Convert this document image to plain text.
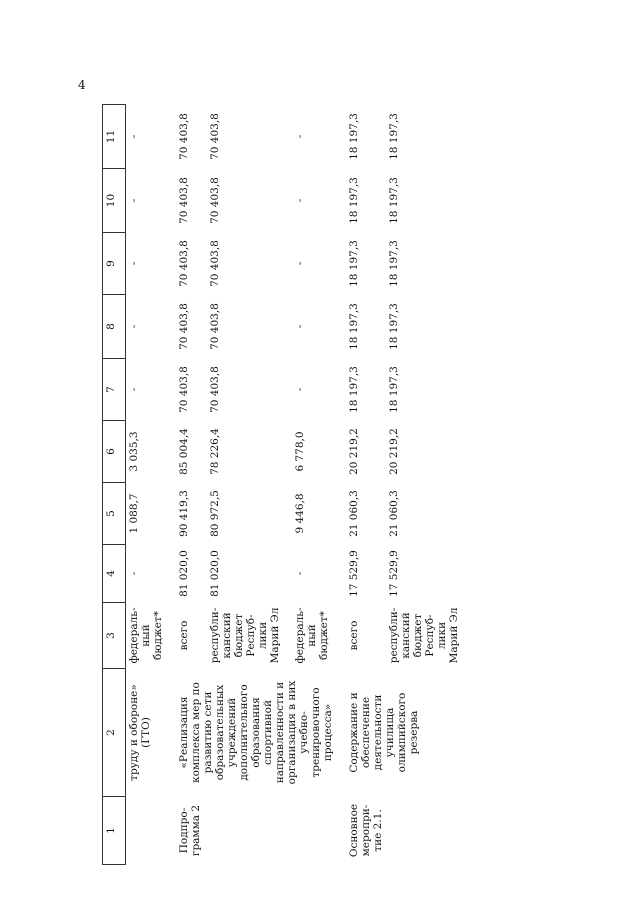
4
1	2	3	4	5	6	7	8	9	10	11
	труду и обороне» (ГТО)	федераль-ный бюджет*	-	1 088,7	3 035,3	-	-	-	-	-

Подпро-грамма 2	«Реализация комплекса мер по развитию сети образовательных учреждений дополнительного образования спортивной направленности и организация в них учебно-тренировочного процесса»	всего	81 020,0	90 419,3	85 004,4	70 403,8	70 403,8	70 403,8	70 403,8	70 403,8
		республи-канский бюджет Респуб-лики Марий Эл	81 020,0	80 972,5	78 226,4	70 403,8	70 403,8	70 403,8	70 403,8	70 403,8
		федераль-ный бюджет*	-	9 446,8	6 778,0	-	-	-	-	-

Основное меропри-тие 2.1.	Содержание и обеспечение деятельности училища олимпийского резерва	всего	17 529,9	21 060,3	20 219,2	18 197,3	18 197,3	18 197,3	18 197,3	18 197,3
		республи-канский бюджет Респуб-лики Марий Эл	17 529,9	21 060,3	20 219,2	18 197,3	18 197,3	18 197,3	18 197,3	18 197,3
